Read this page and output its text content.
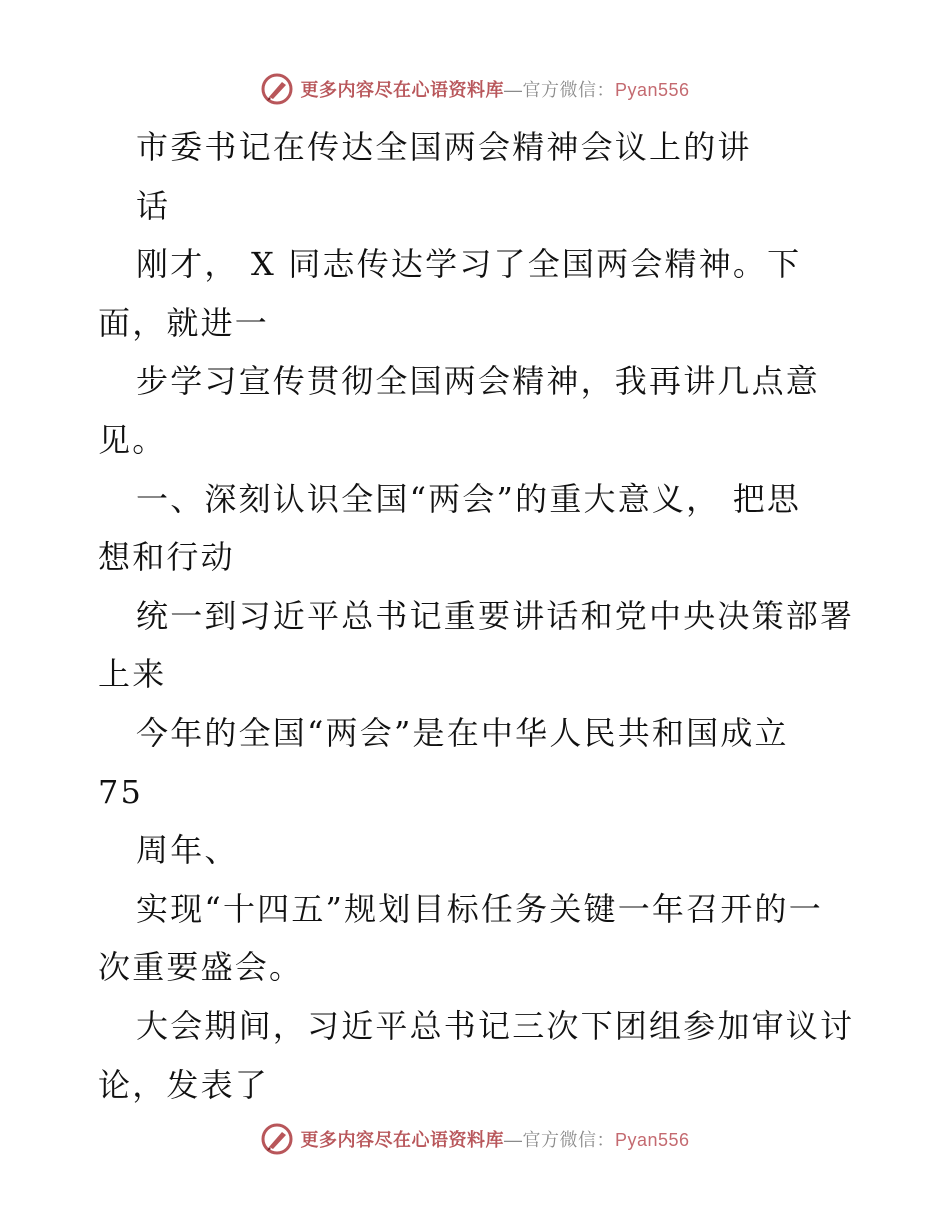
更多内容尽在心语资料库—官方微信：Pyan556
市委书记在传达全国两会精神会议上的讲
话
刚才， X 同志传达学习了全国两会精神。下
面，就进一
步学习宣传贯彻全国两会精神，我再讲几点意
见。
一、深刻认识全国“两会”的重大意义， 把思
想和行动
统一到习近平总书记重要讲话和党中央决策部署
上来
今年的全国“两会”是在中华人民共和国成立
75
周年、
实现“十四五”规划目标任务关键一年召开的一
次重要盛会。
大会期间，习近平总书记三次下团组参加审议讨
论，发表了
更多内容尽在心语资料库—官方微信：Pyan556
